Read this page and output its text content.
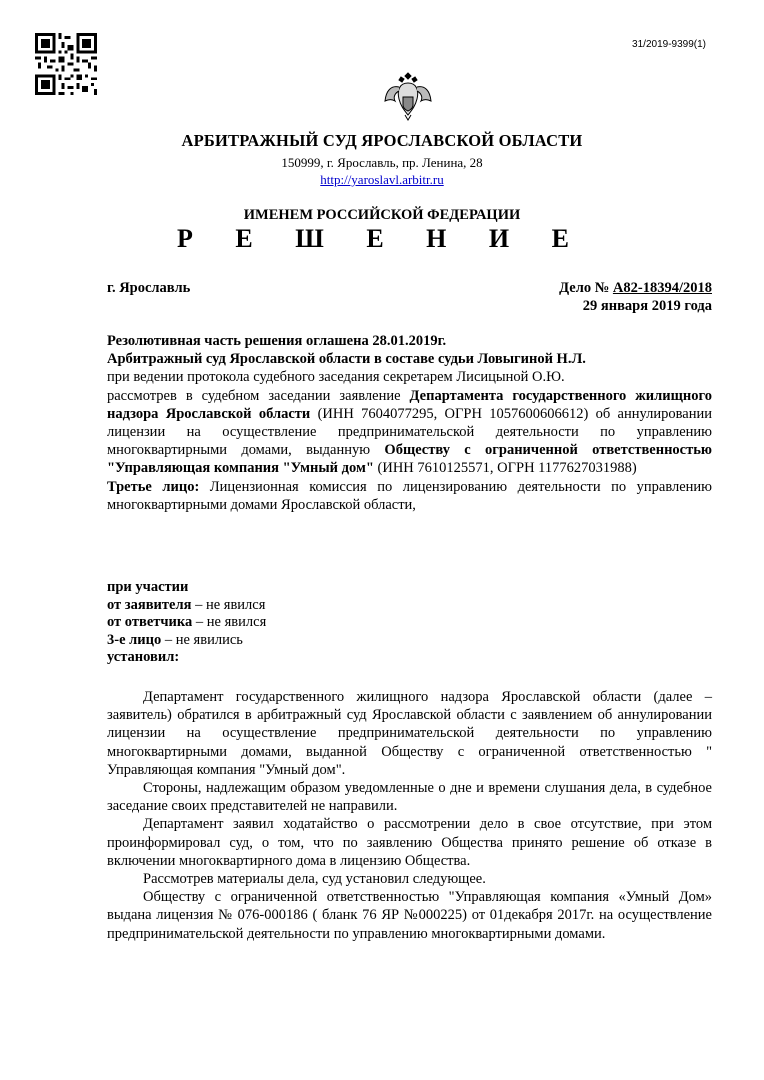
31/2019-9399(1)
АРБИТРАЖНЫЙ СУД ЯРОСЛАВСКОЙ ОБЛАСТИ
150999, г. Ярославль, пр. Ленина, 28
http://yaroslavl.arbitr.ru
ИМЕНЕМ РОССИЙСКОЙ ФЕДЕРАЦИИ
Р Е Ш Е Н И Е
г. Ярославль	Дело № А82-18394/2018
29 января 2019 года
Резолютивная часть решения оглашена 28.01.2019г.
Арбитражный суд Ярославской области в составе судьи Ловыгиной Н.Л.
при ведении протокола судебного заседания секретарем Лисицыной О.Ю.
рассмотрев в судебном заседании заявление Департамента государственного жилищного надзора Ярославской области (ИНН 7604077295, ОГРН 1057600606612) об аннулировании лицензии на осуществление предпринимательской деятельности по управлению многоквартирными домами, выданную Обществу с ограниченной ответственностью "Управляющая компания "Умный дом" (ИНН 7610125571, ОГРН 1177627031988)
Третье лицо: Лицензионная комиссия по лицензированию деятельности по управлению многоквартирными домами Ярославской области,
при участии
от заявителя – не явился
от ответчика – не явился
3-е лицо – не явились
установил:

Департамент государственного жилищного надзора Ярославской области (далее – заявитель) обратился в арбитражный суд Ярославской области с заявлением об аннулировании лицензии на осуществление предпринимательской деятельности по управлению многоквартирными домами, выданной Обществу с ограниченной ответственностью " Управляющая компания "Умный дом".

Стороны, надлежащим образом уведомленные о дне и времени слушания дела, в судебное заседание своих представителей не направили.

Департамент заявил ходатайство о рассмотрении дело в свое отсутствие, при этом проинформировал суд, о том, что по заявлению Общества принято решение об отказе в включении многоквартирного дома в лицензию Общества.

Рассмотрев материалы дела, суд установил следующее.

Обществу с ограниченной ответственностью "Управляющая компания «Умный Дом» выдана лицензия № 076-000186 ( бланк 76 ЯР №000225) от 01декабря 2017г. на осуществление предпринимательской деятельности по управлению многоквартирными домами.
